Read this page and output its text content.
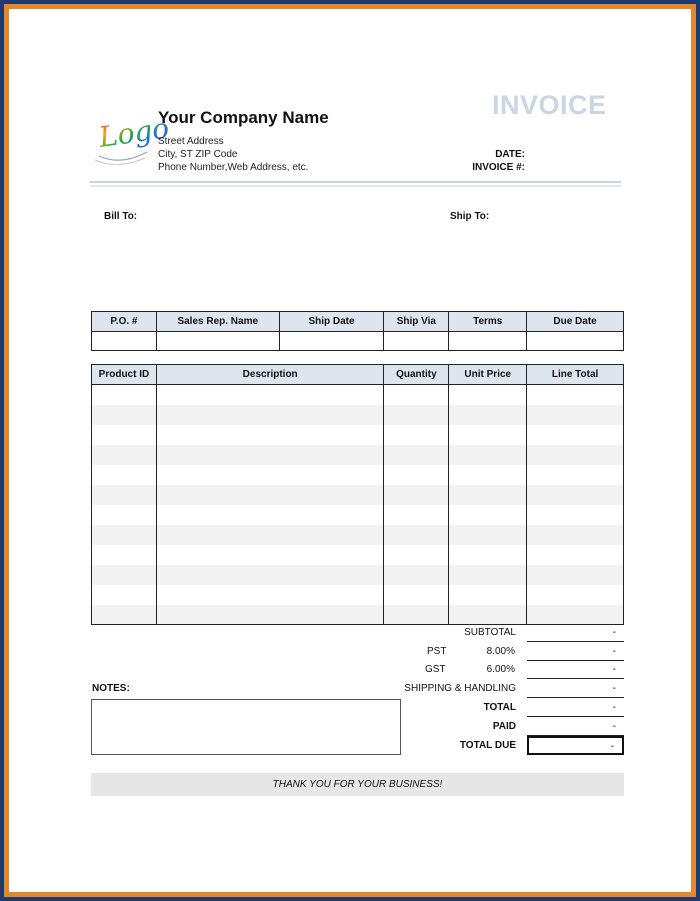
Logo
Your Company Name
Street Address
City, ST ZIP Code
Phone Number,Web Address, etc.
INVOICE
DATE:
INVOICE #:
Bill To:	Ship To:
P.O. #	Sales Rep. Name	Ship Date	Ship Via	Terms	Due Date

Product ID	Description	Quantity	Unit Price	Line Total

SUBTOTAL	-
PST	8.00%	-
GST	6.00%	-
SHIPPING & HANDLING	-
TOTAL	-
PAID	-
TOTAL DUE	-
NOTES:
THANK YOU FOR YOUR BUSINESS!
